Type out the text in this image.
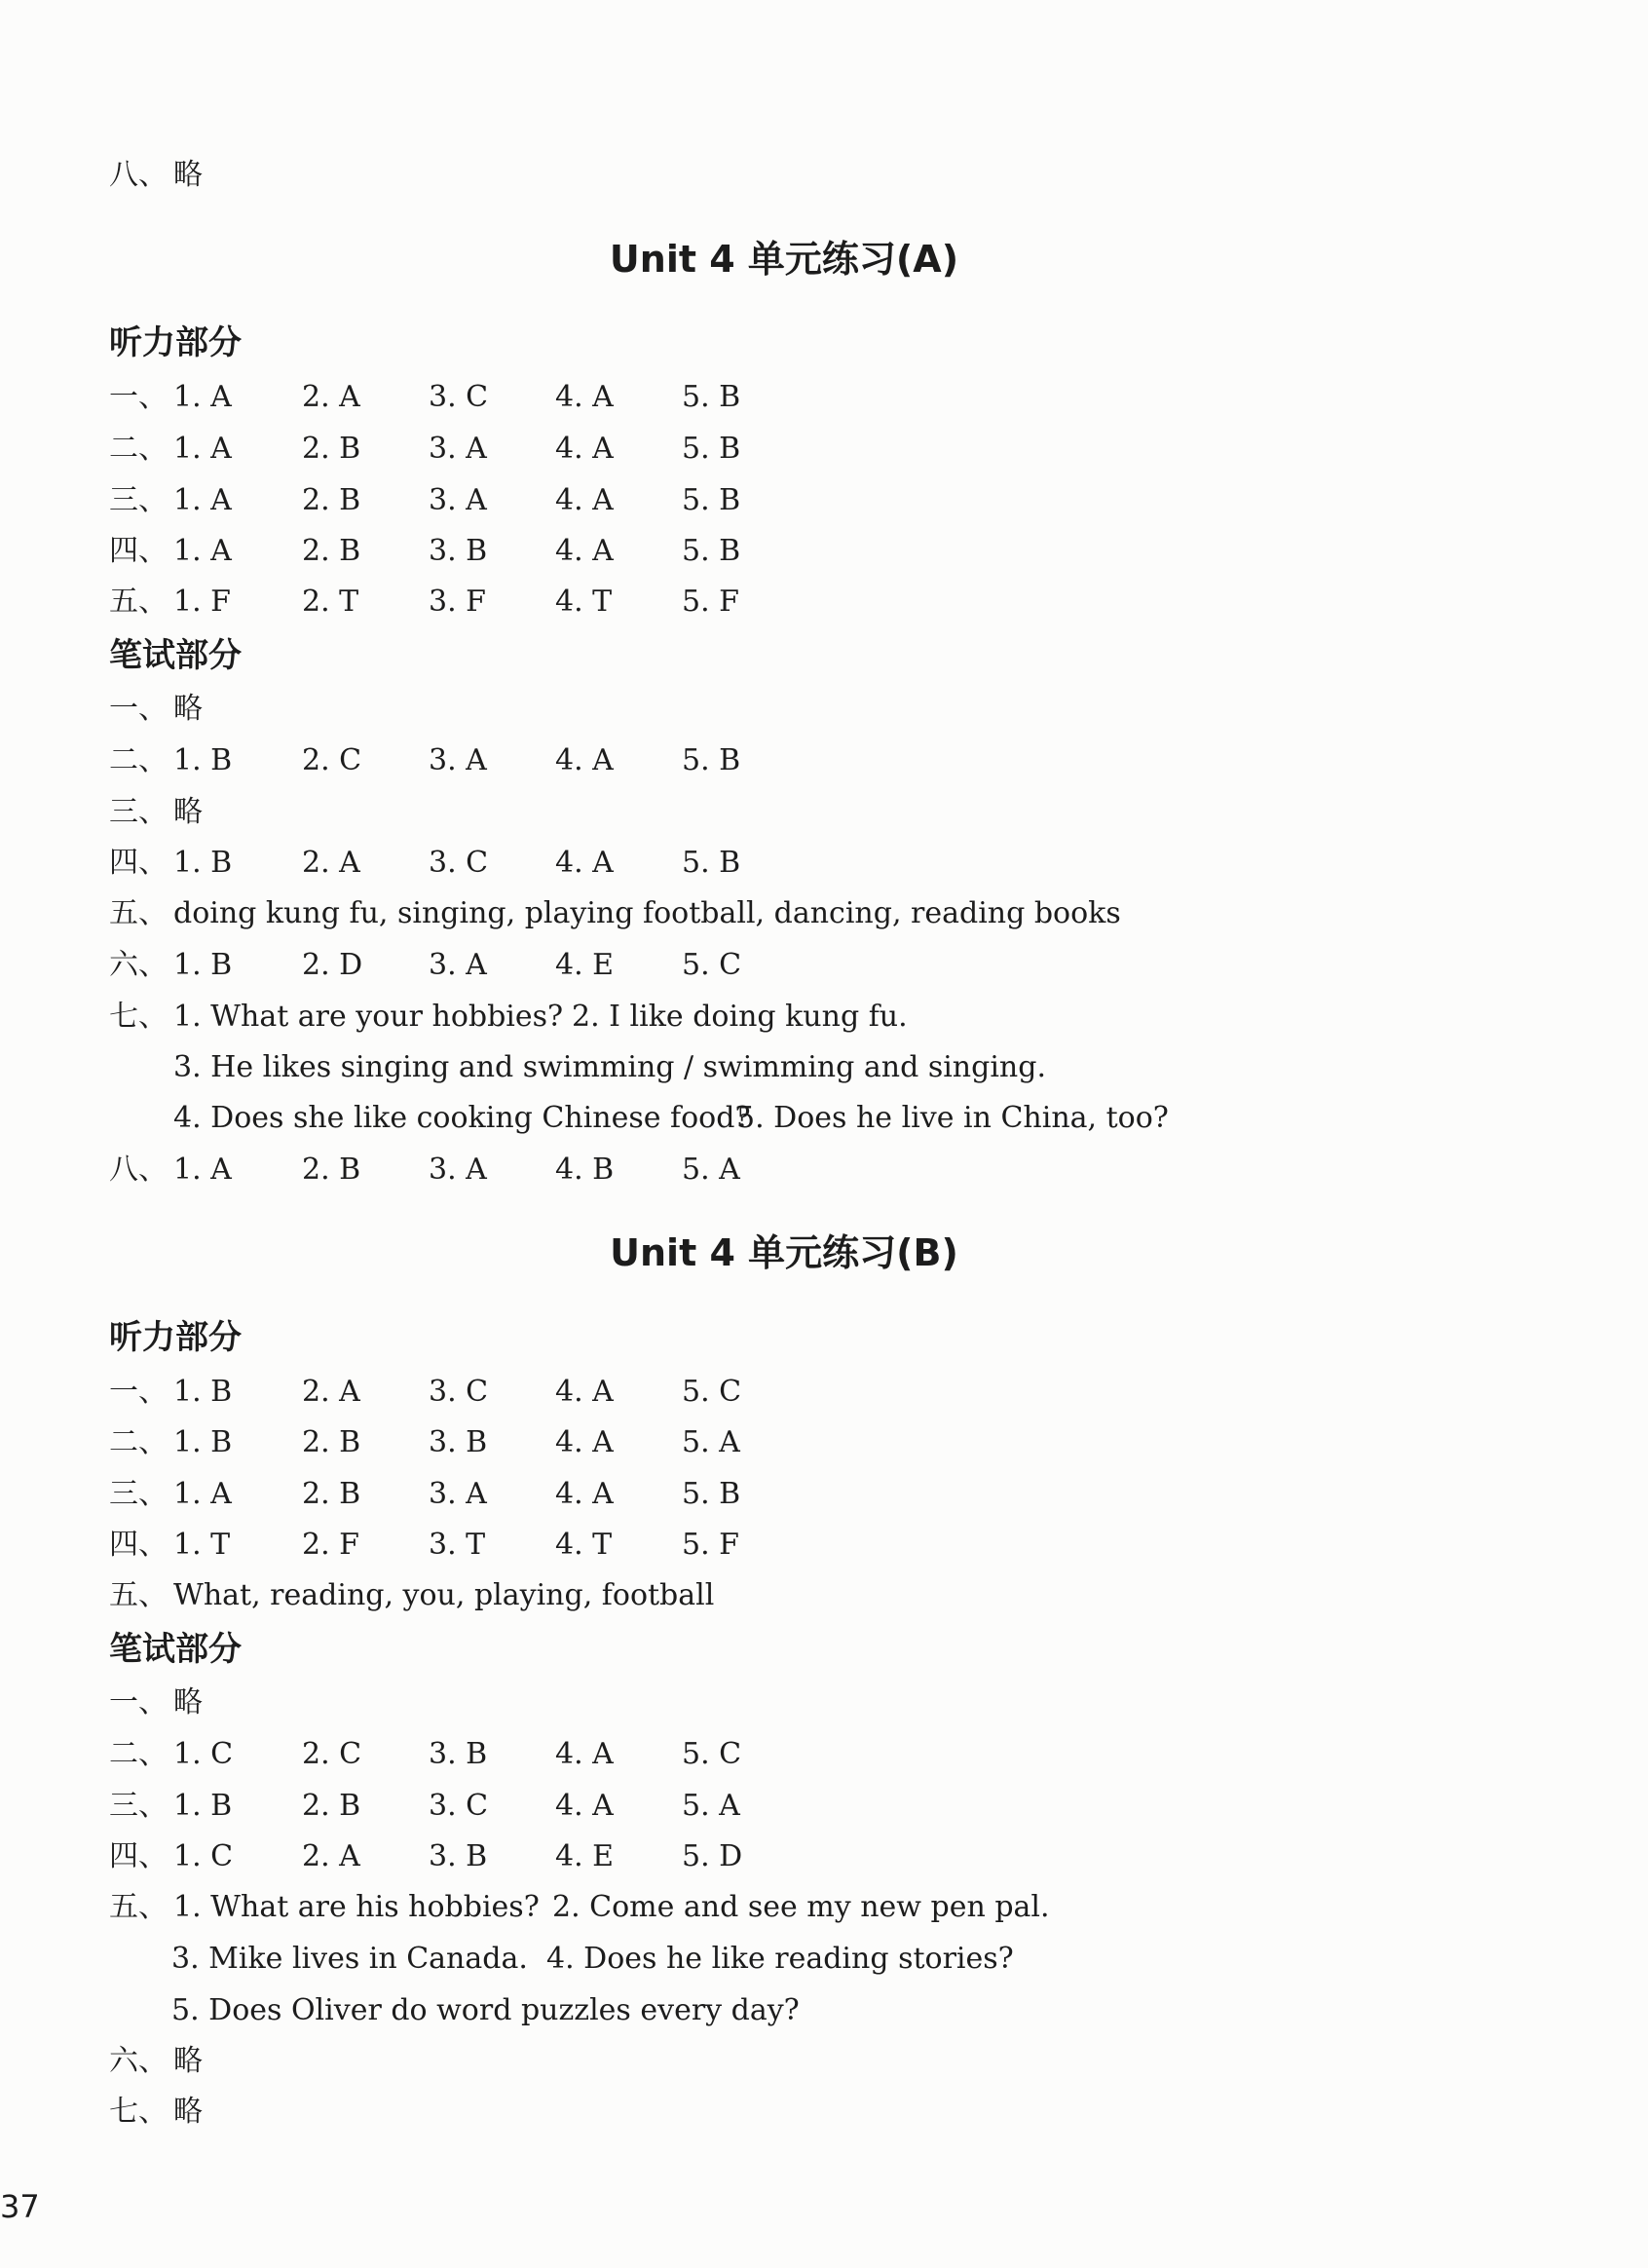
八、 略
Unit 4 单元练习(A)
听力部分
一、 1. A 2. A 3. C 4. A 5. B
二、 1. A 2. B 3. A 4. A 5. B
三、 1. A 2. B 3. A 4. A 5. B
四、 1. A 2. B 3. B 4. A 5. B
五、 1. F 2. T 3. F 4. T 5. F
笔试部分
一、 略
二、 1. B 2. C 3. A 4. A 5. B
三、 略
四、 1. B 2. A 3. C 4. A 5. B
五、 doing kung fu, singing, playing football, dancing, reading books
六、 1. B 2. D 3. A 4. E 5. C
七、 1. What are your hobbies? 2. I like doing kung fu.
3. He likes singing and swimming / swimming and singing.
4. Does she like cooking Chinese food?
5. Does he live in China, too?
八、 1. A 2. B 3. A 4. B 5. A
Unit 4 单元练习(B)
听力部分
一、 1. B 2. A 3. C 4. A 5. C
二、 1. B 2. B 3. B 4. A 5. A
三、 1. A 2. B 3. A 4. A 5. B
四、 1. T 2. F 3. T 4. T 5. F
五、 What, reading, you, playing, football
笔试部分
一、 略
二、 1. C 2. C 3. B 4. A 5. C
三、 1. B 2. B 3. C 4. A 5. A
四、 1. C 2. A 3. B 4. E 5. D
五、 1. What are his hobbies? 2. Come and see my new pen pal.
3. Mike lives in Canada. 4. Does he like reading stories?
5. Does Oliver do word puzzles every day?
六、 略
七、 略
37
